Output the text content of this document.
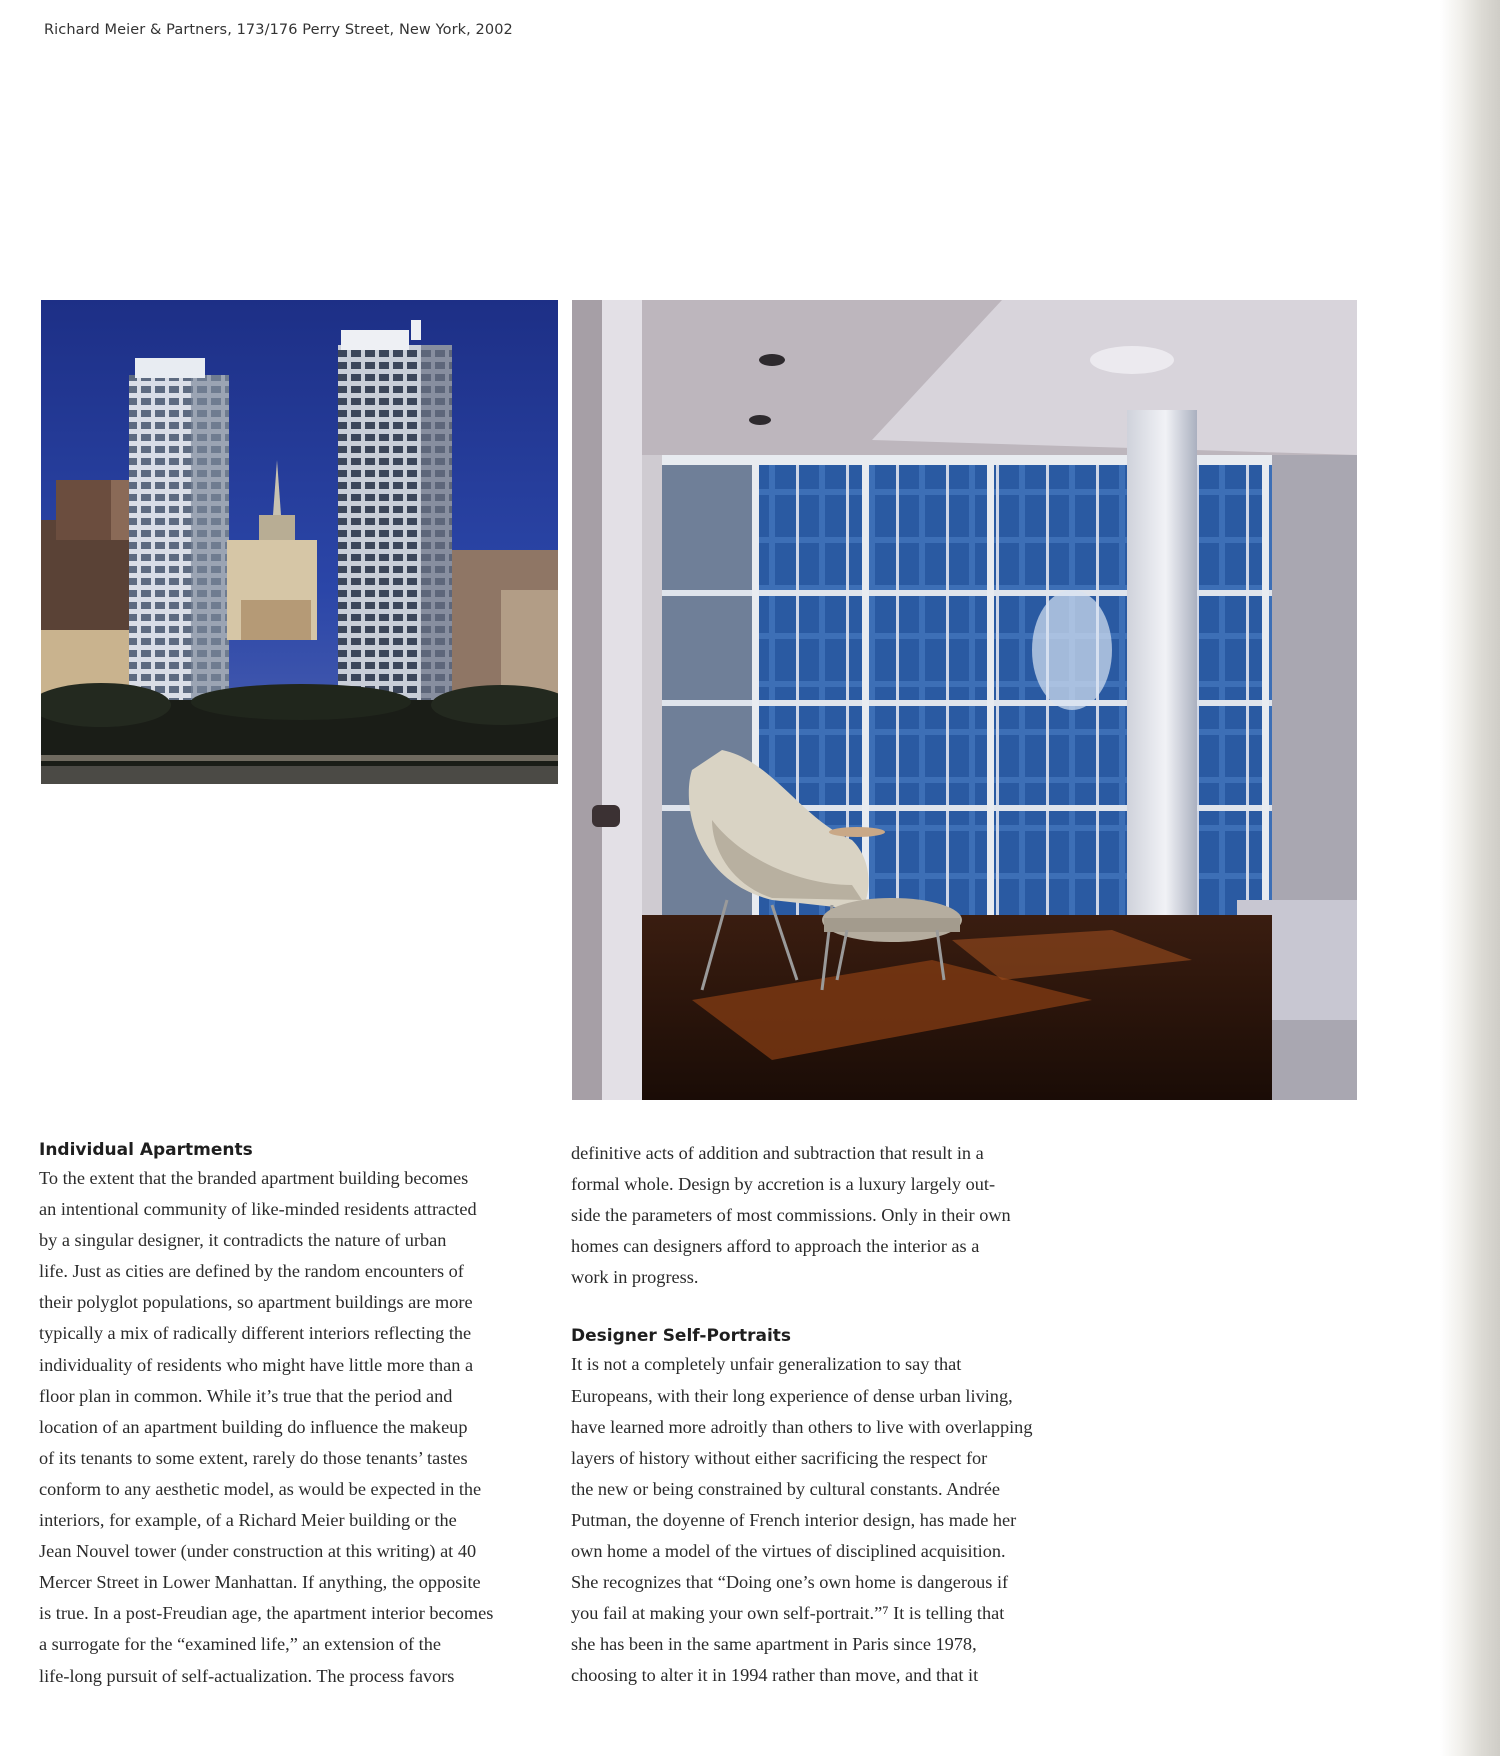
Richard Meier & Partners, 173/176 Perry Street, New York, 2002

Individual Apartments

To the extent that the branded apartment building becomes
an intentional community of like-minded residents attracted
by a singular designer, it contradicts the nature of urban
life. Just as cities are defined by the random encounters of
their polyglot populations, so apartment buildings are more
typically a mix of radically different interiors reflecting the
individuality of residents who might have little more than a
floor plan in common. While it’s true that the period and
location of an apartment building do influence the makeup
of its tenants to some extent, rarely do those tenants’ tastes
conform to any aesthetic model, as would be expected in the
interiors, for example, of a Richard Meier building or the
Jean Nouvel tower (under construction at this writing) at 40
Mercer Street in Lower Manhattan. If anything, the opposite
is true. In a post-Freudian age, the apartment interior becomes
a surrogate for the “examined life,” an extension of the
life-long pursuit of self-actualization. The process favors

definitive acts of addition and subtraction that result in a
formal whole. Design by accretion is a luxury largely out-
side the parameters of most commissions. Only in their own
homes can designers afford to approach the interior as a
work in progress.

Designer Self-Portraits

It is not a completely unfair generalization to say that
Europeans, with their long experience of dense urban living,
have learned more adroitly than others to live with overlapping
layers of history without either sacrificing the respect for
the new or being constrained by cultural constants. Andrée
Putman, the doyenne of French interior design, has made her
own home a model of the virtues of disciplined acquisition.
She recognizes that “Doing one’s own home is dangerous if
you fail at making your own self-portrait.”⁷ It is telling that
she has been in the same apartment in Paris since 1978,
choosing to alter it in 1994 rather than move, and that it
